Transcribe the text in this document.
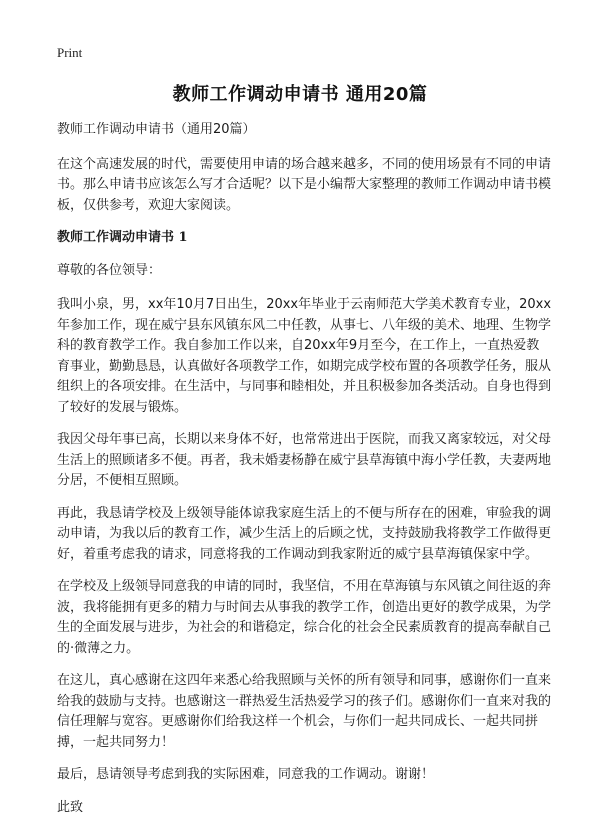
Print
教师工作调动申请书 通用20篇

教师工作调动申请书（通用20篇）

在这个高速发展的时代，需要使用申请的场合越来越多，不同的使用场景有不同的申请书。那么申请书应该怎么写才合适呢？以下是小编帮大家整理的教师工作调动申请书模板，仅供参考，欢迎大家阅读。

教师工作调动申请书 1

尊敬的各位领导：

我叫小泉，男，xx年10月7日出生，20xx年毕业于云南师范大学美术教育专业，20xx年参加工作，现在威宁县东风镇东风二中任教，从事七、八年级的美术、地理、生物学科的教育教学工作。我自参加工作以来，自20xx年9月至今，在工作上，一直热爱教育事业，勤勤恳恳，认真做好各项教学工作，如期完成学校布置的各项教学任务，服从组织上的各项安排。在生活中，与同事和睦相处，并且积极参加各类活动。自身也得到了较好的发展与锻炼。

我因父母年事已高，长期以来身体不好，也常常进出于医院，而我又离家较远，对父母生活上的照顾诸多不便。再者，我未婚妻杨静在威宁县草海镇中海小学任教，夫妻两地分居，不便相互照顾。

再此，我恳请学校及上级领导能体谅我家庭生活上的不便与所存在的困难，审验我的调动申请，为我以后的教育工作，减少生活上的后顾之忧，支持鼓励我将教学工作做得更好，着重考虑我的请求，同意将我的工作调动到我家附近的威宁县草海镇保家中学。

在学校及上级领导同意我的申请的同时，我坚信，不用在草海镇与东风镇之间往返的奔波，我将能拥有更多的精力与时间去从事我的教学工作，创造出更好的教学成果，为学生的全面发展与进步，为社会的和谐稳定，综合化的社会全民素质教育的提高奉献自己的·微薄之力。

在这儿，真心感谢在这四年来悉心给我照顾与关怀的所有领导和同事，感谢你们一直来给我的鼓励与支持。也感谢这一群热爱生活热爱学习的孩子们。感谢你们一直来对我的信任理解与宽容。更感谢你们给我这样一个机会，与你们一起共同成长、一起共同拼搏，一起共同努力！

最后，恳请领导考虑到我的实际困难，同意我的工作调动。谢谢！

此致
